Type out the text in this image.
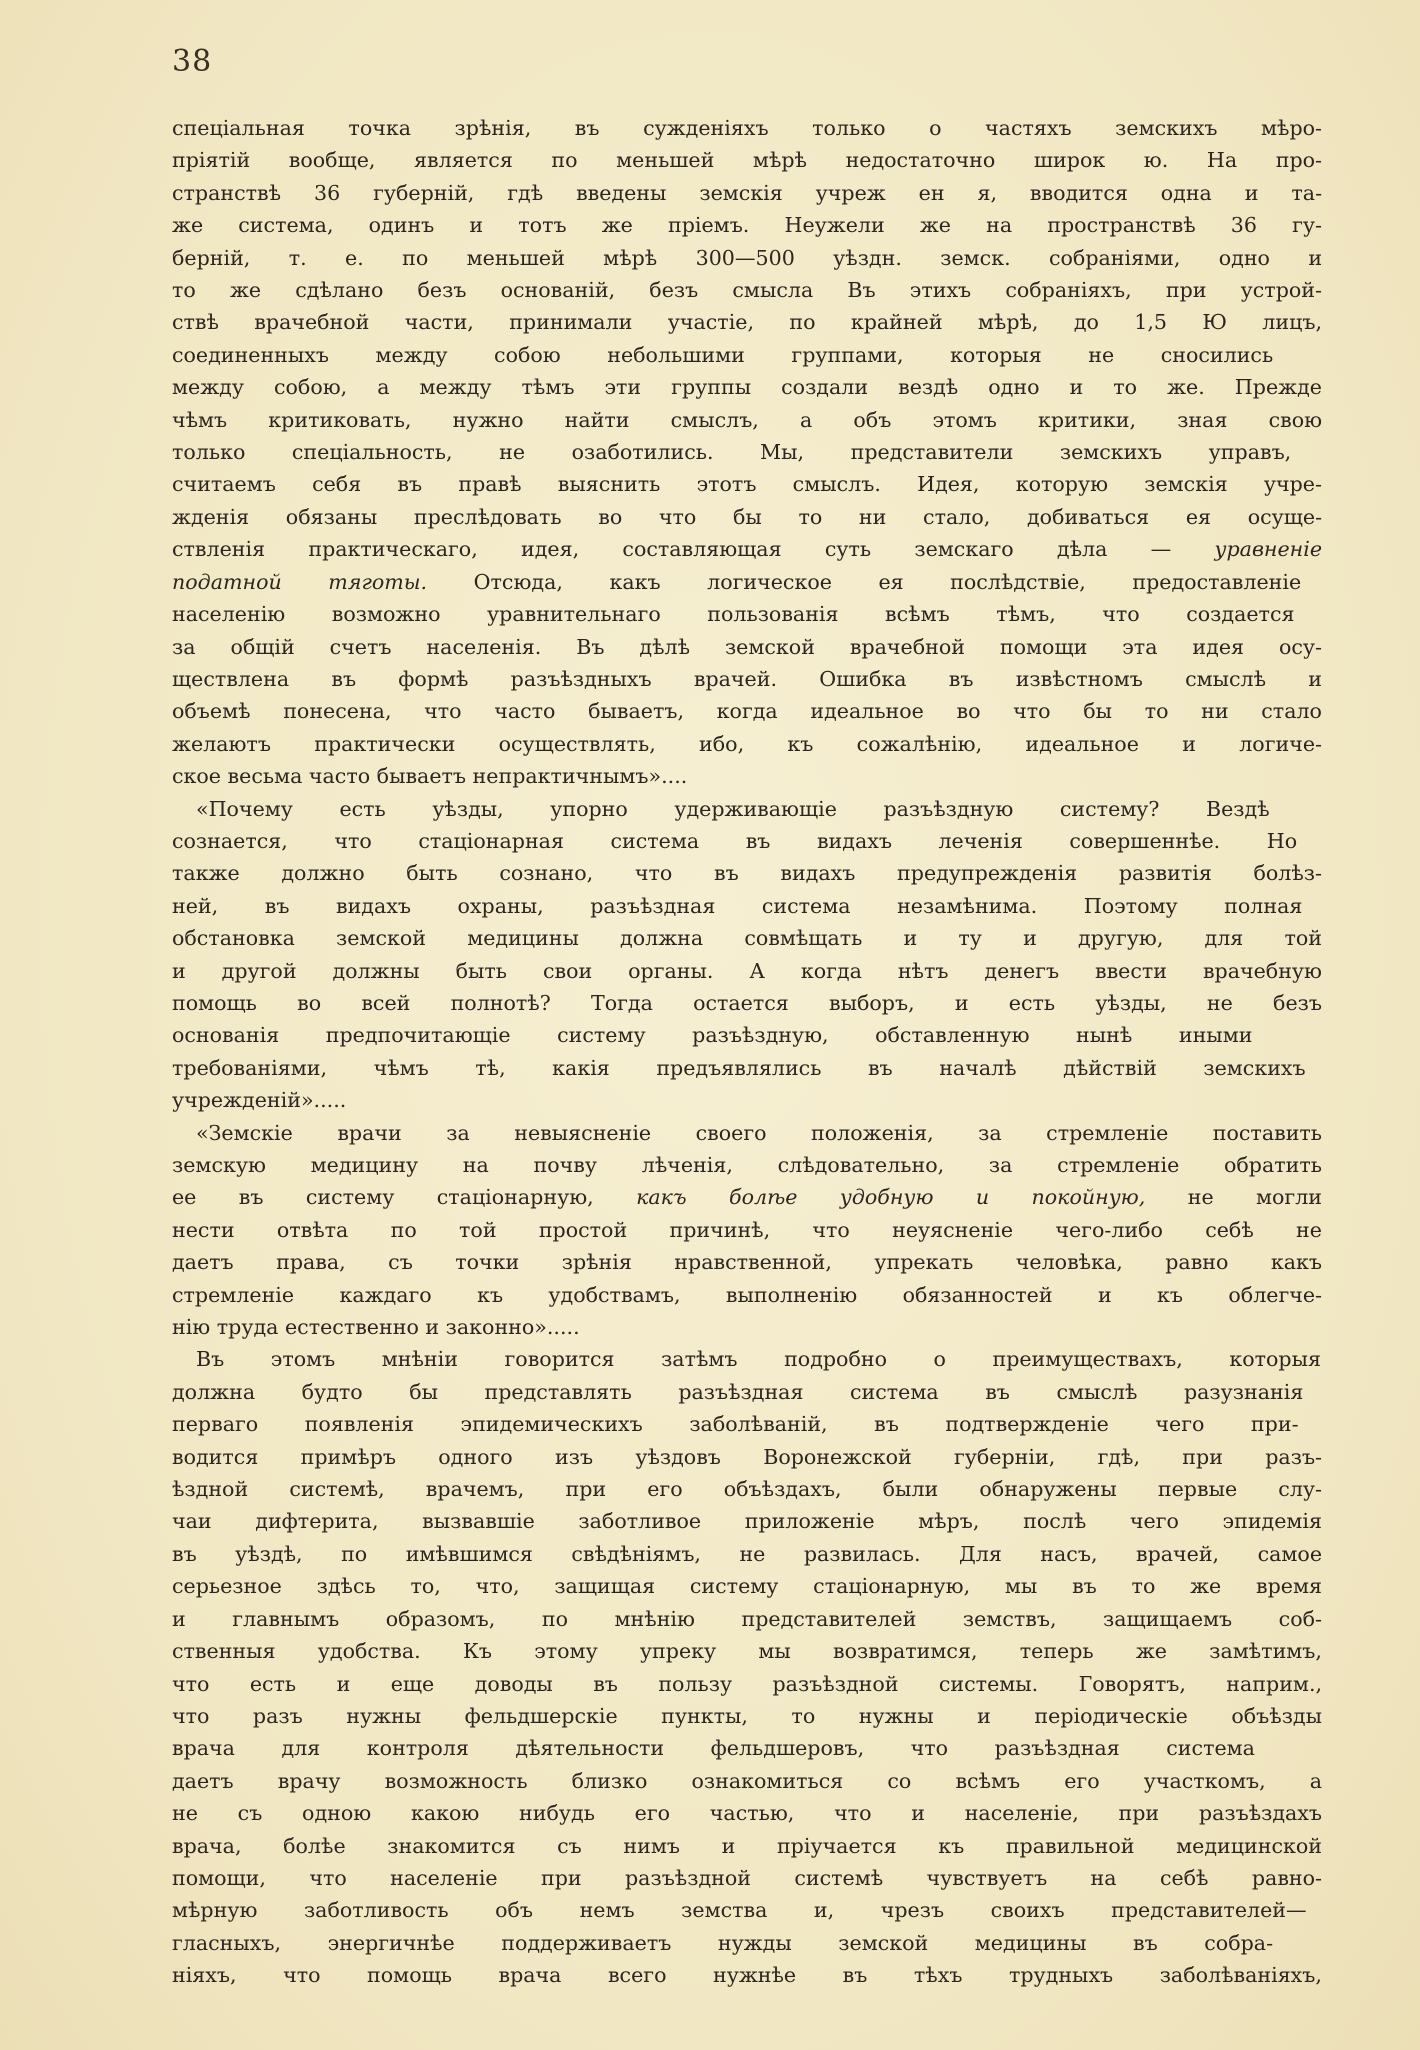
38
спеціальная точка зрѣнія, въ сужденіяхъ только о частяхъ земскихъ мѣро-
пріятій вообще, является по меньшей мѣрѣ недостаточно широк ю. На про-
странствѣ 36 губерній, гдѣ введены земскія учреж ен я, вводится одна и та-
же система, одинъ и тотъ же пріемъ. Неужели же на пространствѣ 36 гу-
берній, т. е. по меньшей мѣрѣ 300—500 уѣздн. земск. собраніями, одно и
то же сдѣлано безъ основаній, безъ смысла Въ этихъ собраніяхъ, при устрой-
ствѣ врачебной части, принимали участіе, по крайней мѣрѣ, до 1,5 Ю лицъ,
соединенныхъ между собою небольшими группами, которыя не сносились
между собою, а между тѣмъ эти группы создали вездѣ одно и то же. Прежде
чѣмъ критиковать, нужно найти смыслъ, а объ этомъ критики, зная свою
только спеціальность, не озаботились. Мы, представители земскихъ управъ,
считаемъ себя въ правѣ выяснить этотъ смыслъ. Идея, которую земскія учре-
жденія обязаны преслѣдовать во что бы то ни стало, добиваться ея осуще-
ствленія практическаго, идея, составляющая суть земскаго дѣла — уравненіе
податной тяготы. Отсюда, какъ логическое ея послѣдствіе, предоставленіе
населенію возможно уравнительнаго пользованія всѣмъ тѣмъ, что создается
за общій счетъ населенія. Въ дѣлѣ земской врачебной помощи эта идея осу-
ществлена въ формѣ разъѣздныхъ врачей. Ошибка въ извѣстномъ смыслѣ и
объемѣ понесена, что часто бываетъ, когда идеальное во что бы то ни стало
желаютъ практически осуществлять, ибо, къ сожалѣнію, идеальное и логиче-
ское весьма часто бываетъ непрактичнымъ»....
«Почему есть уѣзды, упорно удерживающіе разъѣздную систему? Вездѣ
сознается, что стаціонарная система въ видахъ леченія совершеннѣе. Но
также должно быть сознано, что въ видахъ предупрежденія развитія болѣз-
ней, въ видахъ охраны, разъѣздная система незамѣнима. Поэтому полная
обстановка земской медицины должна совмѣщать и ту и другую, для той
и другой должны быть свои органы. А когда нѣтъ денегъ ввести врачебную
помощь во всей полнотѣ? Тогда остается выборъ, и есть уѣзды, не безъ
основанія предпочитающіе систему разъѣздную, обставленную нынѣ иными
требованіями, чѣмъ тѣ, какія предъявлялись въ началѣ дѣйствій земскихъ
учрежденій».....
«Земскіе врачи за невыясненіе своего положенія, за стремленіе поставить
земскую медицину на почву лѣченія, слѣдовательно, за стремленіе обратить
ее въ систему стаціонарную, какъ болѣе удобную и покойную, не могли
нести отвѣта по той простой причинѣ, что неуясненіе чего-либо себѣ не
даетъ права, съ точки зрѣнія нравственной, упрекать человѣка, равно какъ
стремленіе каждаго къ удобствамъ, выполненію обязанностей и къ облегче-
нію труда естественно и законно».....
Въ этомъ мнѣніи говорится затѣмъ подробно о преимуществахъ, которыя
должна будто бы представлять разъѣздная система въ смыслѣ разузнанія
перваго появленія эпидемическихъ заболѣваній, въ подтвержденіе чего при-
водится примѣръ одного изъ уѣздовъ Воронежской губерніи, гдѣ, при разъ-
ѣздной системѣ, врачемъ, при его объѣздахъ, были обнаружены первые слу-
чаи дифтерита, вызвавшіе заботливое приложеніе мѣръ, послѣ чего эпидемія
въ уѣздѣ, по имѣвшимся свѣдѣніямъ, не развилась. Для насъ, врачей, самое
серьезное здѣсь то, что, защищая систему стаціонарную, мы въ то же время
и главнымъ образомъ, по мнѣнію представителей земствъ, защищаемъ соб-
ственныя удобства. Къ этому упреку мы возвратимся, теперь же замѣтимъ,
что есть и еще доводы въ пользу разъѣздной системы. Говорятъ, наприм.,
что разъ нужны фельдшерскіе пункты, то нужны и періодическіе объѣзды
врача для контроля дѣятельности фельдшеровъ, что разъѣздная система
даетъ врачу возможность близко ознакомиться со всѣмъ его участкомъ, а
не съ одною какою нибудь его частью, что и населеніе, при разъѣздахъ
врача, болѣе знакомится съ нимъ и пріучается къ правильной медицинской
помощи, что населеніе при разъѣздной системѣ чувствуетъ на себѣ равно-
мѣрную заботливость объ немъ земства и, чрезъ своихъ представителей—
гласныхъ, энергичнѣе поддерживаетъ нужды земской медицины въ собра-
ніяхъ, что помощь врача всего нужнѣе въ тѣхъ трудныхъ заболѣваніяхъ,
